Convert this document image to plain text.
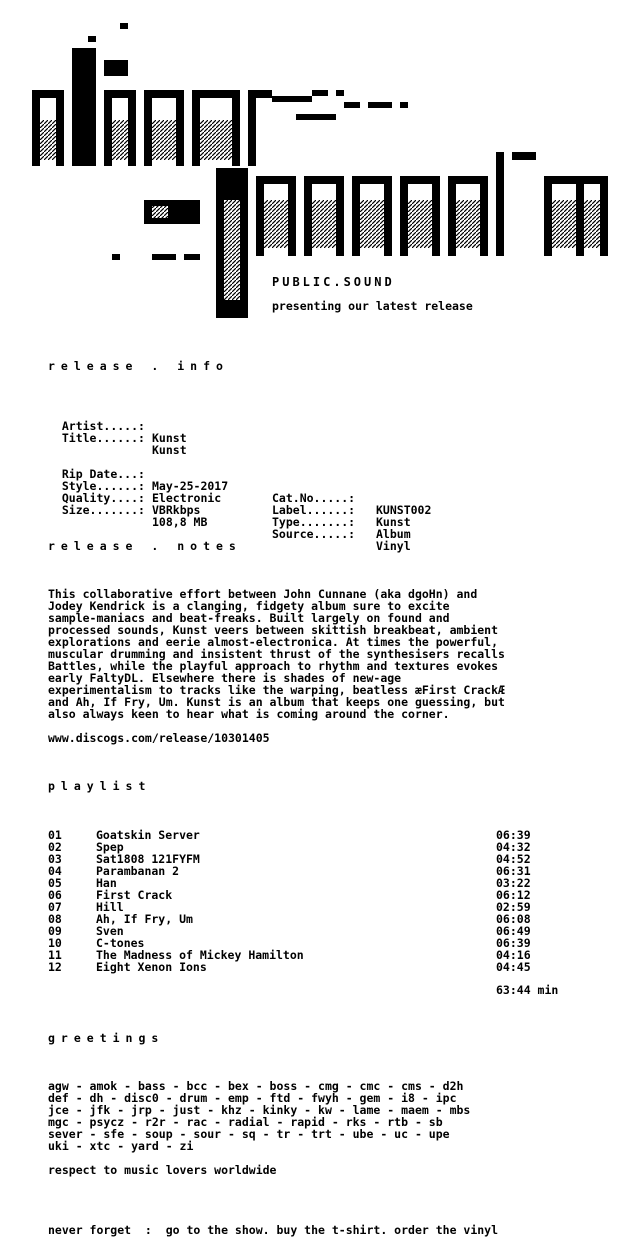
PUBLIC.SOUND
presenting our latest release
release . info

Artist.....:

Kunst

Title......:

Kunst

Rip Date...:

May-25-2017

Cat.No.....:

KUNST002

Style......:

Electronic

Label......:

Kunst

Quality....:

VBRkbps

Type.......:

Album

Size.......:

108,8 MB

Source.....:

Vinyl

release . notes
This collaborative effort between John Cunnane (aka dgoHn) and
Jodey Kendrick is a clanging, fidgety album sure to excite
sample-maniacs and beat-freaks. Built largely on found and
processed sounds, Kunst veers between skittish breakbeat, ambient
explorations and eerie almost-electronica. At times the powerful,
muscular drumming and insistent thrust of the synthesisers recalls
Battles, while the playful approach to rhythm and textures evokes
early FaltyDL. Elsewhere there is shades of new-age
experimentalism to tracks like the warping, beatless æFirst CrackÆ
and Ah, If Fry, Um. Kunst is an album that keeps one guessing, but
also always keen to hear what is coming around the corner.
www.discogs.com/release/10301405
playlist
01	Goatskin Server	06:39
02	Spep	04:32
03	Sat1808 121FYFM	04:52
04	Parambanan 2	06:31
05	Han	03:22
06	First Crack	06:12
07	Hill	02:59
08	Ah, If Fry, Um	06:08
09	Sven	06:49
10	C-tones	06:39
11	The Madness of Mickey Hamilton	04:16
12	Eight Xenon Ions	04:45
63:44 min
greetings
agw - amok - bass - bcc - bex - boss - cmg - cmc - cms - d2h
def - dh - disc0 - drum - emp - ftd - fwyh - gem - i8 - ipc
jce - jfk - jrp - just - khz - kinky - kw - lame - maem - mbs
mgc - psycz - r2r - rac - radial - rapid - rks - rtb - sb
sever - sfe - soup - sour - sq - tr - trt - ube - uc - upe
uki - xtc - yard - zi
respect to music lovers worldwide
never forget  :  go to the show. buy the t-shirt. order the vinyl
